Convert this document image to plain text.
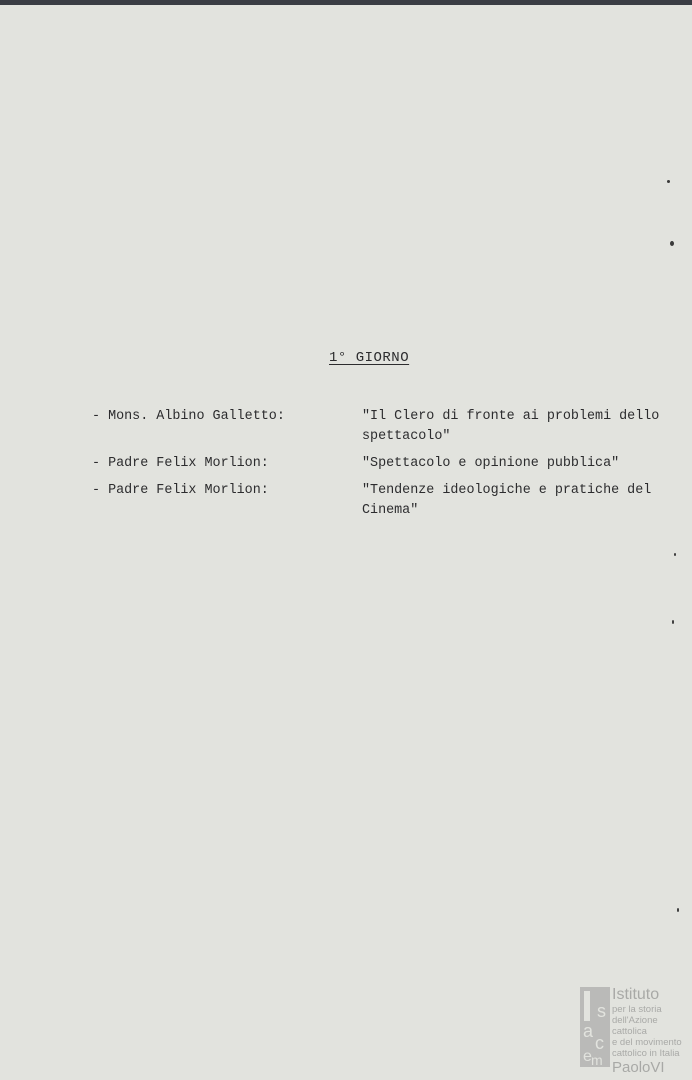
1° GIORNO
- Mons. Albino Galletto:	"Il Clero di fronte ai problemi dello
spettacolo"
- Padre Felix Morlion:	"Spettacolo e opinione pubblica"
- Padre Felix Morlion:	"Tendenze ideologiche e pratiche del
Cinema"
s
a
c
e m
Istituto
per la storia
dell'Azione cattolica
e del movimento
cattolico in Italia
PaoloVI
